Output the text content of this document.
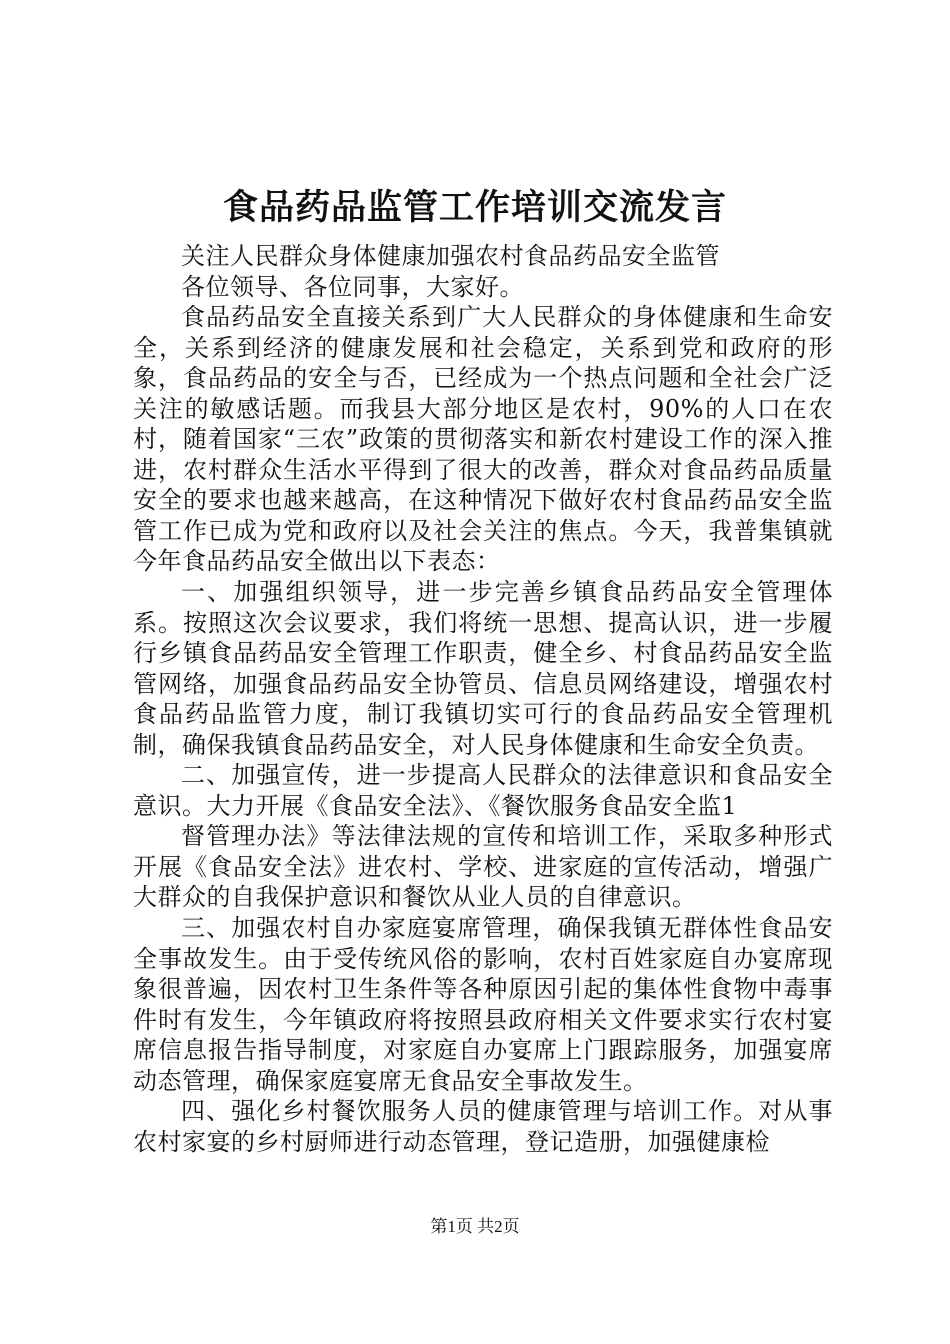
食品药品监管工作培训交流发言

关注人民群众身体健康加强农村食品药品安全监管

各位领导、各位同事，大家好。

食品药品安全直接关系到广大人民群众的身体健康和生命安全，关系到经济的健康发展和社会稳定，关系到党和政府的形象，食品药品的安全与否，已经成为一个热点问题和全社会广泛关注的敏感话题。而我县大部分地区是农村，90%的人口在农村，随着国家“三农”政策的贯彻落实和新农村建设工作的深入推进，农村群众生活水平得到了很大的改善，群众对食品药品质量安全的要求也越来越高，在这种情况下做好农村食品药品安全监管工作已成为党和政府以及社会关注的焦点。今天，我普集镇就今年食品药品安全做出以下表态：

一、加强组织领导，进一步完善乡镇食品药品安全管理体系。按照这次会议要求，我们将统一思想、提高认识，进一步履行乡镇食品药品安全管理工作职责，健全乡、村食品药品安全监管网络，加强食品药品安全协管员、信息员网络建设，增强农村食品药品监管力度，制订我镇切实可行的食品药品安全管理机制，确保我镇食品药品安全，对人民身体健康和生命安全负责。

二、加强宣传，进一步提高人民群众的法律意识和食品安全意识。大力开展《食品安全法》、《餐饮服务食品安全监1

督管理办法》等法律法规的宣传和培训工作，采取多种形式开展《食品安全法》进农村、学校、进家庭的宣传活动，增强广大群众的自我保护意识和餐饮从业人员的自律意识。

三、加强农村自办家庭宴席管理，确保我镇无群体性食品安全事故发生。由于受传统风俗的影响，农村百姓家庭自办宴席现象很普遍，因农村卫生条件等各种原因引起的集体性食物中毒事件时有发生，今年镇政府将按照县政府相关文件要求实行农村宴席信息报告指导制度，对家庭自办宴席上门跟踪服务，加强宴席动态管理，确保家庭宴席无食品安全事故发生。

四、强化乡村餐饮服务人员的健康管理与培训工作。对从事农村家宴的乡村厨师进行动态管理，登记造册，加强健康检

第1页 共2页
